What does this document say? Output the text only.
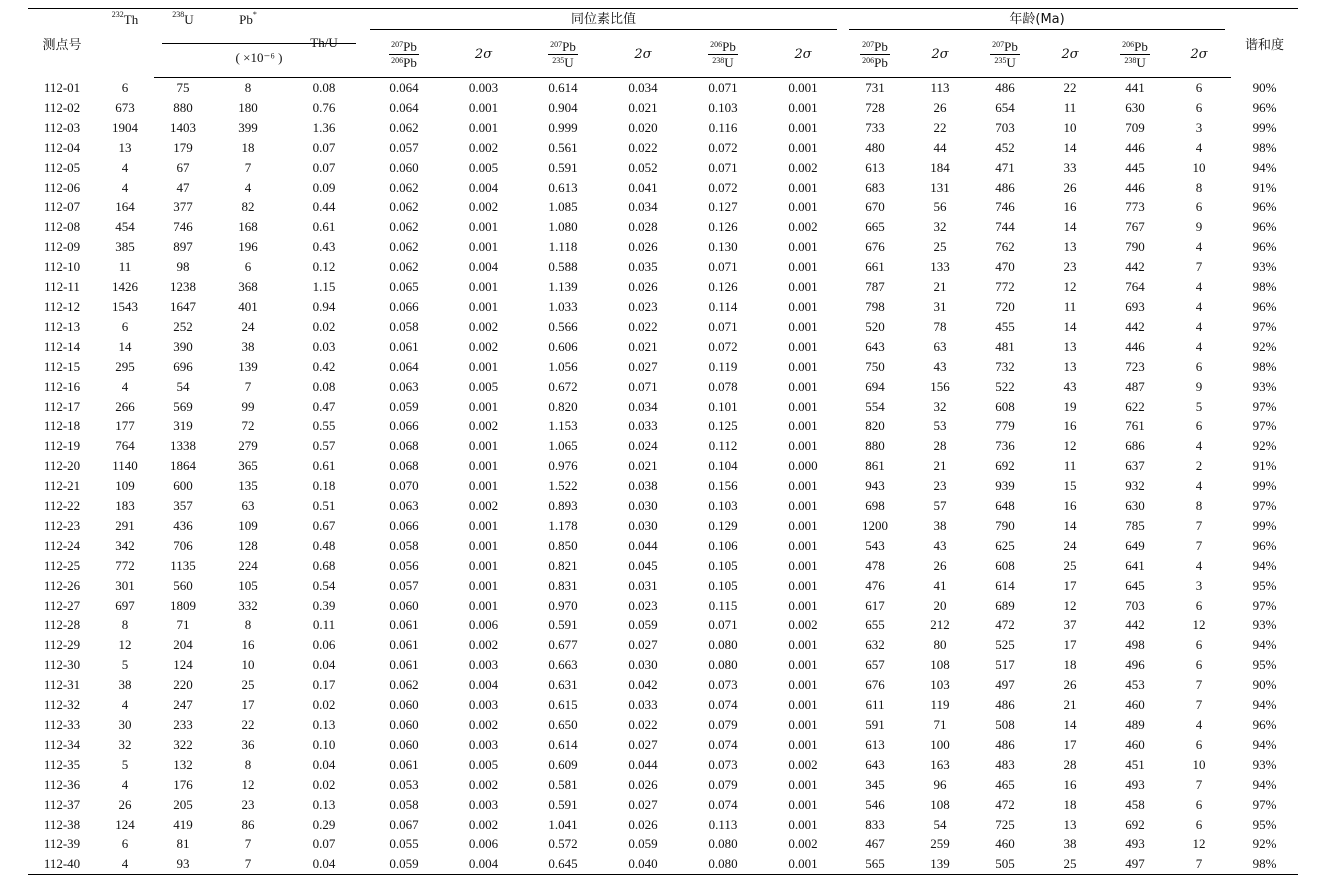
测点号	$^{232}$Th	$^{238}$U	Pb*	Th/U	同位素比值						年龄(Ma)						谐和度

		( ×10⁻⁶ )			$\frac{^{207}Pb}{^{206}Pb}$	2σ	$\frac{^{207}Pb}{^{235}U}$	2σ	$\frac{^{206}Pb}{^{238}U}$	2σ	$\frac{^{207}Pb}{^{206}Pb}$	2σ	$\frac{^{207}Pb}{^{235}U}$	2σ	$\frac{^{206}Pb}{^{238}U}$	2σ	
112-01	6	75	8	0.08	0.064	0.003	0.614	0.034	0.071	0.001	731	113	486	22	441	6	90%
112-02	673	880	180	0.76	0.064	0.001	0.904	0.021	0.103	0.001	728	26	654	11	630	6	96%
112-03	1904	1403	399	1.36	0.062	0.001	0.999	0.020	0.116	0.001	733	22	703	10	709	3	99%
112-04	13	179	18	0.07	0.057	0.002	0.561	0.022	0.072	0.001	480	44	452	14	446	4	98%
112-05	4	67	7	0.07	0.060	0.005	0.591	0.052	0.071	0.002	613	184	471	33	445	10	94%
112-06	4	47	4	0.09	0.062	0.004	0.613	0.041	0.072	0.001	683	131	486	26	446	8	91%
112-07	164	377	82	0.44	0.062	0.002	1.085	0.034	0.127	0.001	670	56	746	16	773	6	96%
112-08	454	746	168	0.61	0.062	0.001	1.080	0.028	0.126	0.002	665	32	744	14	767	9	96%
112-09	385	897	196	0.43	0.062	0.001	1.118	0.026	0.130	0.001	676	25	762	13	790	4	96%
112-10	11	98	6	0.12	0.062	0.004	0.588	0.035	0.071	0.001	661	133	470	23	442	7	93%
112-11	1426	1238	368	1.15	0.065	0.001	1.139	0.026	0.126	0.001	787	21	772	12	764	4	98%
112-12	1543	1647	401	0.94	0.066	0.001	1.033	0.023	0.114	0.001	798	31	720	11	693	4	96%
112-13	6	252	24	0.02	0.058	0.002	0.566	0.022	0.071	0.001	520	78	455	14	442	4	97%
112-14	14	390	38	0.03	0.061	0.002	0.606	0.021	0.072	0.001	643	63	481	13	446	4	92%
112-15	295	696	139	0.42	0.064	0.001	1.056	0.027	0.119	0.001	750	43	732	13	723	6	98%
112-16	4	54	7	0.08	0.063	0.005	0.672	0.071	0.078	0.001	694	156	522	43	487	9	93%
112-17	266	569	99	0.47	0.059	0.001	0.820	0.034	0.101	0.001	554	32	608	19	622	5	97%
112-18	177	319	72	0.55	0.066	0.002	1.153	0.033	0.125	0.001	820	53	779	16	761	6	97%
112-19	764	1338	279	0.57	0.068	0.001	1.065	0.024	0.112	0.001	880	28	736	12	686	4	92%
112-20	1140	1864	365	0.61	0.068	0.001	0.976	0.021	0.104	0.000	861	21	692	11	637	2	91%
112-21	109	600	135	0.18	0.070	0.001	1.522	0.038	0.156	0.001	943	23	939	15	932	4	99%
112-22	183	357	63	0.51	0.063	0.002	0.893	0.030	0.103	0.001	698	57	648	16	630	8	97%
112-23	291	436	109	0.67	0.066	0.001	1.178	0.030	0.129	0.001	1200	38	790	14	785	7	99%
112-24	342	706	128	0.48	0.058	0.001	0.850	0.044	0.106	0.001	543	43	625	24	649	7	96%
112-25	772	1135	224	0.68	0.056	0.001	0.821	0.045	0.105	0.001	478	26	608	25	641	4	94%
112-26	301	560	105	0.54	0.057	0.001	0.831	0.031	0.105	0.001	476	41	614	17	645	3	95%
112-27	697	1809	332	0.39	0.060	0.001	0.970	0.023	0.115	0.001	617	20	689	12	703	6	97%
112-28	8	71	8	0.11	0.061	0.006	0.591	0.059	0.071	0.002	655	212	472	37	442	12	93%
112-29	12	204	16	0.06	0.061	0.002	0.677	0.027	0.080	0.001	632	80	525	17	498	6	94%
112-30	5	124	10	0.04	0.061	0.003	0.663	0.030	0.080	0.001	657	108	517	18	496	6	95%
112-31	38	220	25	0.17	0.062	0.004	0.631	0.042	0.073	0.001	676	103	497	26	453	7	90%
112-32	4	247	17	0.02	0.060	0.003	0.615	0.033	0.074	0.001	611	119	486	21	460	7	94%
112-33	30	233	22	0.13	0.060	0.002	0.650	0.022	0.079	0.001	591	71	508	14	489	4	96%
112-34	32	322	36	0.10	0.060	0.003	0.614	0.027	0.074	0.001	613	100	486	17	460	6	94%
112-35	5	132	8	0.04	0.061	0.005	0.609	0.044	0.073	0.002	643	163	483	28	451	10	93%
112-36	4	176	12	0.02	0.053	0.002	0.581	0.026	0.079	0.001	345	96	465	16	493	7	94%
112-37	26	205	23	0.13	0.058	0.003	0.591	0.027	0.074	0.001	546	108	472	18	458	6	97%
112-38	124	419	86	0.29	0.067	0.002	1.041	0.026	0.113	0.001	833	54	725	13	692	6	95%
112-39	6	81	7	0.07	0.055	0.006	0.572	0.059	0.080	0.002	467	259	460	38	493	12	92%
112-40	4	93	7	0.04	0.059	0.004	0.645	0.040	0.080	0.001	565	139	505	25	497	7	98%
